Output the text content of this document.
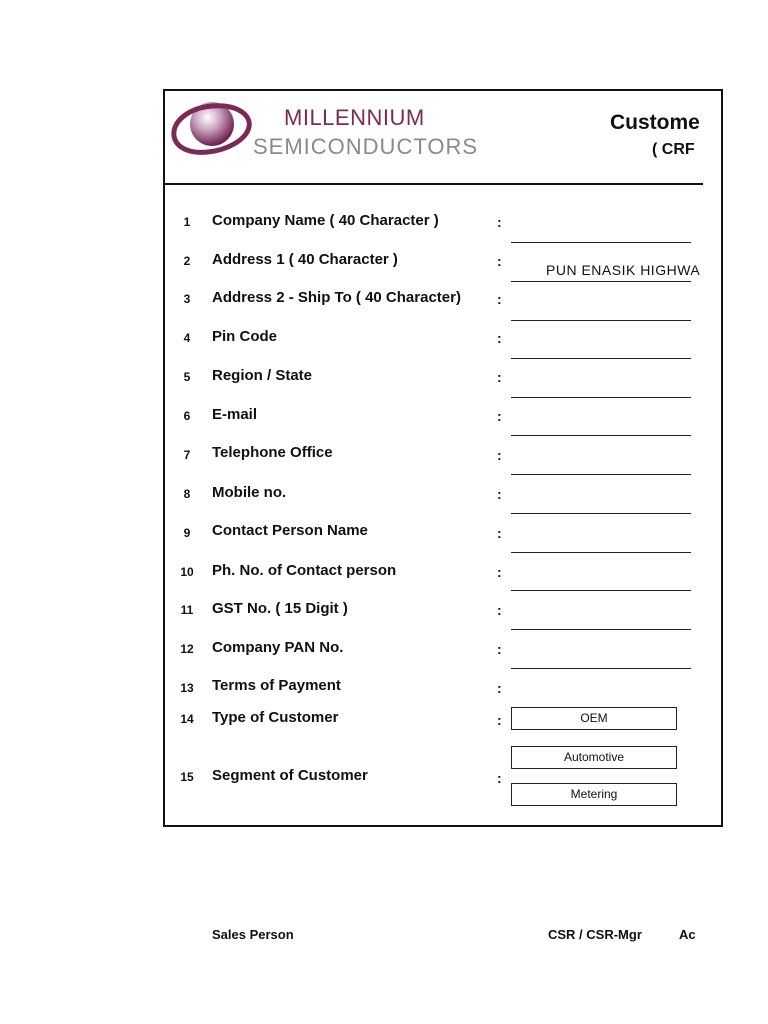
MILLENNIUM
SEMICONDUCTORS
Custome
( CRF
1	Company Name ( 40 Character )	:
2	Address 1 ( 40 Character )	:
PUN ENASIK HIGHWA
3	Address 2 - Ship To ( 40 Character)	:
4	Pin Code	:
5	Region / State	:
6	E-mail	:
7	Telephone Office	:
8	Mobile no.	:
9	Contact Person Name	:
10 Ph. No. of Contact person	:
11 GST No. ( 15 Digit )	:
12 Company PAN No.	:
13 Terms of Payment	:
14 Type of Customer	:	OEM
15 Segment of Customer	:
Automotive
Metering
Sales Person	CSR / CSR-Mgr	Ac
